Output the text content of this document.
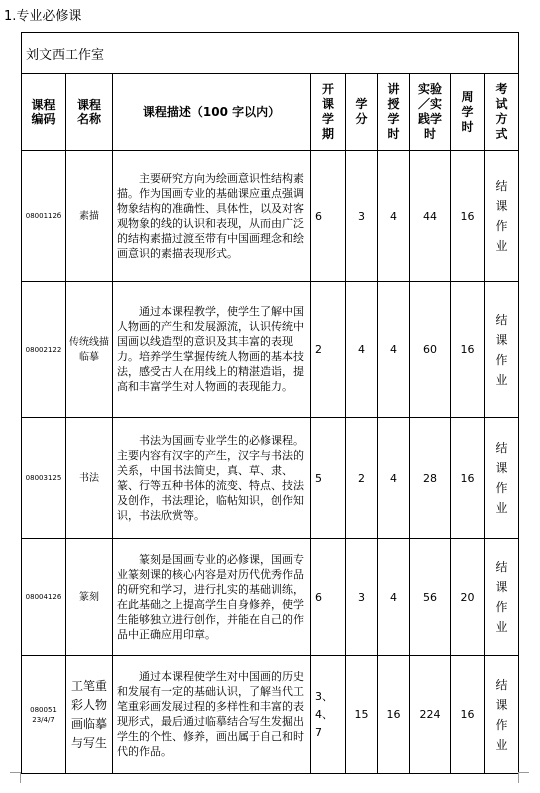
1.专业必修课
刘文西工作室								
课程编码	课程名称	课程描述（100 字以内）	开课学期	学分	讲授学时	实验／实践学时	周学时	考试方式
0800112б	素描	主要研究方向为绘画意识性结构素描。作为国画专业的基础课应重点强调物象结构的准确性、具体性，以及对客观物象的线的认识和表现，从而由广泛的结构素描过渡至带有中国画理念和绘画意识的素描表现形式。	6	3	4	44	16	结课作业
08002122	传统线描临摹	通过本课程教学，使学生了解中国人物画的产生和发展源流，认识传统中国画以线造型的意识及其丰富的表现力。培养学生掌握传统人物画的基本技法，感受古人在用线上的精湛造诣，提高和丰富学生对人物画的表现能力。	2	4	4	60	16	结课作业
08003125	书法	书法为国画专业学生的必修课程。主要内容有汉字的产生，汉字与书法的关系，中国书法简史，真、草、隶、篆、行等五种书体的流变、特点、技法及创作，书法理论，临帖知识，创作知识，书法欣赏等。	5	2	4	28	16	结课作业
08004126	篆刻	篆刻是国画专业的必修课，国画专业篆刻课的核心内容是对历代优秀作品的研究和学习，进行扎实的基础训练，在此基础之上提高学生自身修养，使学生能够独立进行创作，并能在自己的作品中正确应用印章。	6	3	4	56	20	结课作业
08005123/4/7	工笔重彩人物画临摹与写生	通过本课程使学生对中国画的历史和发展有一定的基础认识，了解当代工笔重彩画发展过程的多样性和丰富的表现形式，最后通过临摹结合写生发掘出学生的个性、修养，画出属于自己和时代的作品。	3、4、7	15	16	224	16	结课作业
